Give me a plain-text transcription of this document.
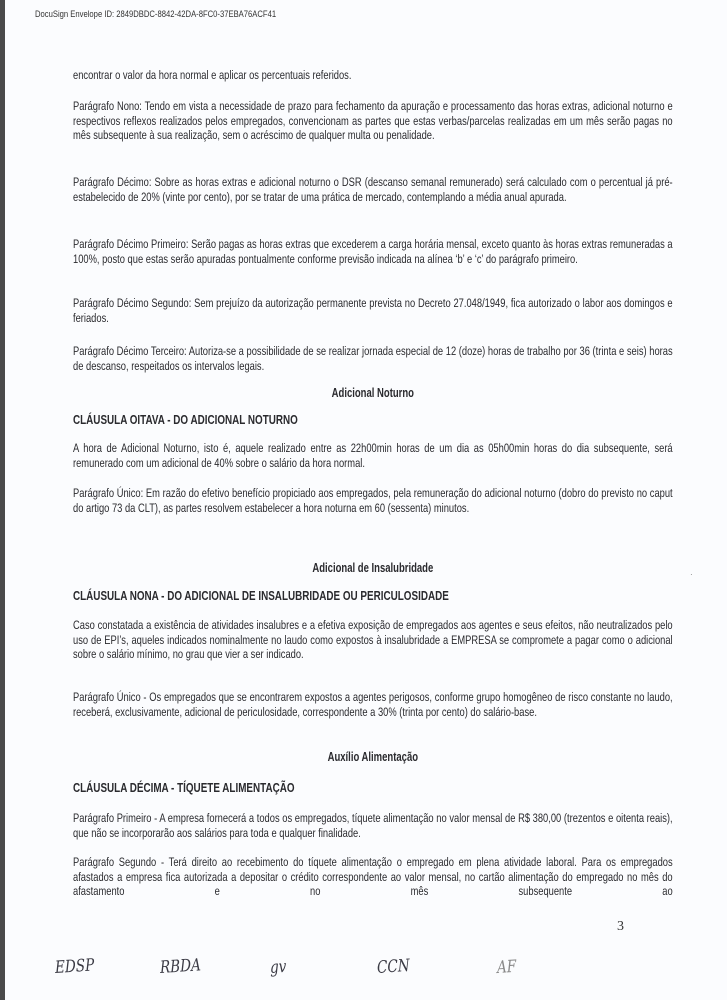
DocuSign Envelope ID: 2849DBDC-8842-42DA-8FC0-37EBA76ACF41
·
encontrar o valor da hora normal e aplicar os percentuais referidos.
Parágrafo Nono: Tendo em vista a necessidade de prazo para fechamento da apuração e processamento das horas extras, adicional noturno e respectivos reflexos realizados pelos empregados, convencionam as partes que estas verbas/parcelas realizadas em um mês serão pagas no mês subsequente à sua realização, sem o acréscimo de qualquer multa ou penalidade.
Parágrafo Décimo: Sobre as horas extras e adicional noturno o DSR (descanso semanal remunerado) será calculado com o percentual já pré-estabelecido de 20% (vinte por cento), por se tratar de uma prática de mercado, contemplando a média anual apurada.
Parágrafo Décimo Primeiro: Serão pagas as horas extras que excederem a carga horária mensal, exceto quanto às horas extras remuneradas a 100%, posto que estas serão apuradas pontualmente conforme previsão indicada na alínea ‘b’ e ‘c’ do parágrafo primeiro.
Parágrafo Décimo Segundo: Sem prejuízo da autorização permanente prevista no Decreto 27.048/1949, fica autorizado o labor aos domingos e feriados.
Parágrafo Décimo Terceiro: Autoriza-se a possibilidade de se realizar jornada especial de 12 (doze) horas de trabalho por 36 (trinta e seis) horas de descanso, respeitados os intervalos legais.
Adicional Noturno
CLÁUSULA OITAVA - DO ADICIONAL NOTURNO
A hora de Adicional Noturno, isto é, aquele realizado entre as 22h00min horas de um dia as 05h00min horas do dia subsequente, será remunerado com um adicional de 40% sobre o salário da hora normal.
Parágrafo Único: Em razão do efetivo benefício propiciado aos empregados, pela remuneração do adicional noturno (dobro do previsto no caput do artigo 73 da CLT), as partes resolvem estabelecer a hora noturna em 60 (sessenta) minutos.
Adicional de Insalubridade
CLÁUSULA NONA - DO ADICIONAL DE INSALUBRIDADE OU PERICULOSIDADE
Caso constatada a existência de atividades insalubres e a efetiva exposição de empregados aos agentes e seus efeitos, não neutralizados pelo uso de EPI’s, aqueles indicados nominalmente no laudo como expostos à insalubridade a EMPRESA se compromete a pagar como o adicional sobre o salário mínimo, no grau que vier a ser indicado.
Parágrafo Único - Os empregados que se encontrarem expostos a agentes perigosos, conforme grupo homogêneo de risco constante no laudo, receberá, exclusivamente, adicional de periculosidade, correspondente a 30% (trinta por cento) do salário-base.
Auxílio Alimentação
CLÁUSULA DÉCIMA - TÍQUETE ALIMENTAÇÃO
Parágrafo Primeiro - A empresa fornecerá a todos os empregados, tíquete alimentação no valor mensal de R$ 380,00 (trezentos e oitenta reais), que não se incorporarão aos salários para toda e qualquer finalidade.
Parágrafo Segundo - Terá direito ao recebimento do tíquete alimentação o empregado em plena atividade laboral. Para os empregados afastados a empresa fica autorizada a depositar o crédito correspondente ao valor mensal, no cartão alimentação do empregado no mês do afastamento e no mês subsequente ao
3
EDSP	RBDA	gv	CCN	AF
